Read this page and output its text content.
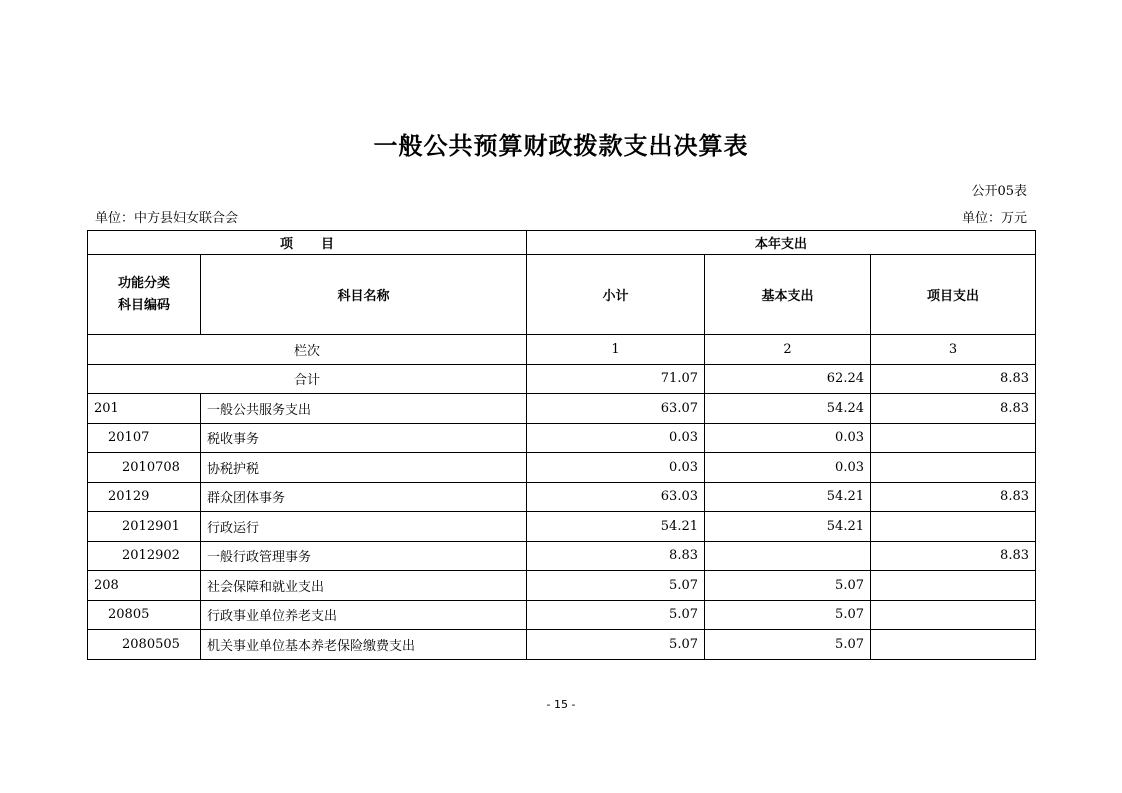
一般公共预算财政拨款支出决算表
公开05表
单位：中方县妇女联合会	单位：万元
项 目		本年支出		

功能分类
科目编码	科目名称	小计	基本支出	项目支出
栏次		1	2	3
合计		71.07	62.24	8.83
201	一般公共服务支出	63.07	54.24	8.83
20107	税收事务	0.03	0.03	
2010708	协税护税	0.03	0.03	
20129	群众团体事务	63.03	54.21	8.83
2012901	行政运行	54.21	54.21	
2012902	一般行政管理事务	8.83		8.83
208	社会保障和就业支出	5.07	5.07	
20805	行政事业单位养老支出	5.07	5.07	
2080505	机关事业单位基本养老保险缴费支出	5.07	5.07	
- 15 -
